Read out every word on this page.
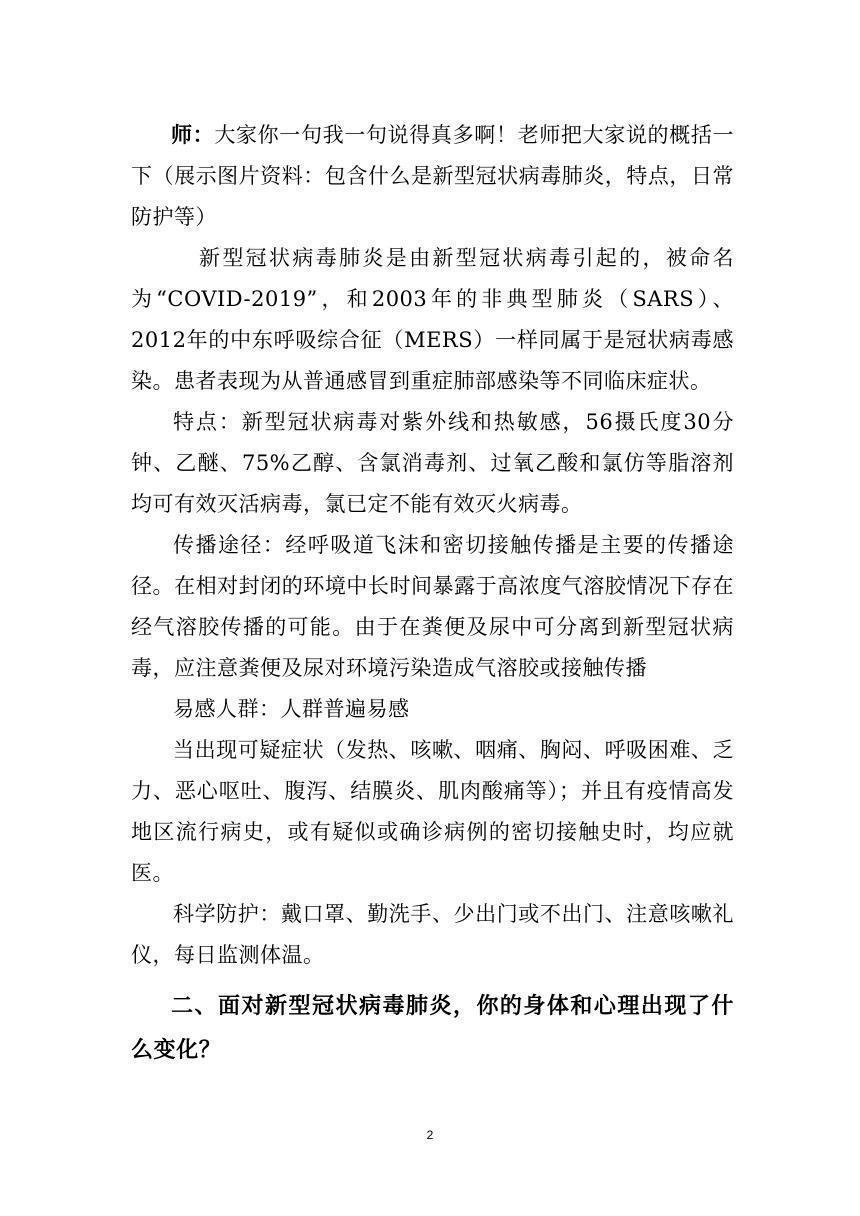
师：大家你一句我一句说得真多啊！老师把大家说的概括一下（展示图片资料：包含什么是新型冠状病毒肺炎，特点，日常防护等）

新型冠状病毒肺炎是由新型冠状病毒引起的，被命名为“COVID-2019”，和2003年的非典型肺炎（SARS）、2012年的中东呼吸综合征（MERS）一样同属于是冠状病毒感染。患者表现为从普通感冒到重症肺部感染等不同临床症状。

特点：新型冠状病毒对紫外线和热敏感，56摄氏度30分钟、乙醚、75%乙醇、含氯消毒剂、过氧乙酸和氯仿等脂溶剂均可有效灭活病毒，氯已定不能有效灭火病毒。

传播途径：经呼吸道飞沫和密切接触传播是主要的传播途径。在相对封闭的环境中长时间暴露于高浓度气溶胶情况下存在经气溶胶传播的可能。由于在粪便及尿中可分离到新型冠状病毒，应注意粪便及尿对环境污染造成气溶胶或接触传播

易感人群：人群普遍易感

当出现可疑症状（发热、咳嗽、咽痛、胸闷、呼吸困难、乏力、恶心呕吐、腹泻、结膜炎、肌肉酸痛等）；并且有疫情高发地区流行病史，或有疑似或确诊病例的密切接触史时，均应就医。

科学防护：戴口罩、勤洗手、少出门或不出门、注意咳嗽礼仪，每日监测体温。

二、面对新型冠状病毒肺炎，你的身体和心理出现了什么变化？

2
